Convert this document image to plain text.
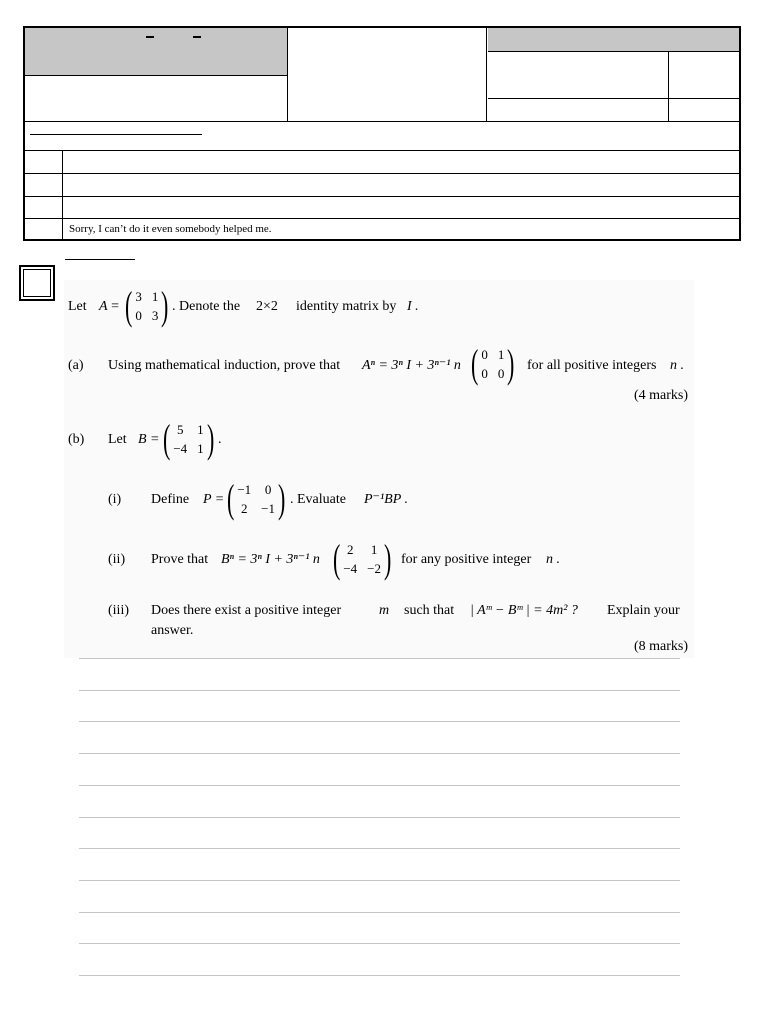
Sorry, I can’t do it even somebody helped me.
Let A = ( 3 1
0 3 ) . Denote the 2×2 identity matrix by I .
(a) Using mathematical induction, prove that Aⁿ = 3ⁿ I + 3ⁿ⁻¹ n ( 0 1
0 0 ) for all positive integers n .
(4 marks)
(b) Let B = ( 5 1
−4 1 ) .
(i) Define P = ( −1 0
2 −1 ) . Evaluate P⁻¹BP .
(ii) Prove that Bⁿ = 3ⁿ I + 3ⁿ⁻¹ n ( 2 1
−4 −2 ) for any positive integer n .
(iii) Does there exist a positive integer	m such that | Aᵐ − Bᵐ | = 4m² ? Explain your
answer.
(8 marks)
